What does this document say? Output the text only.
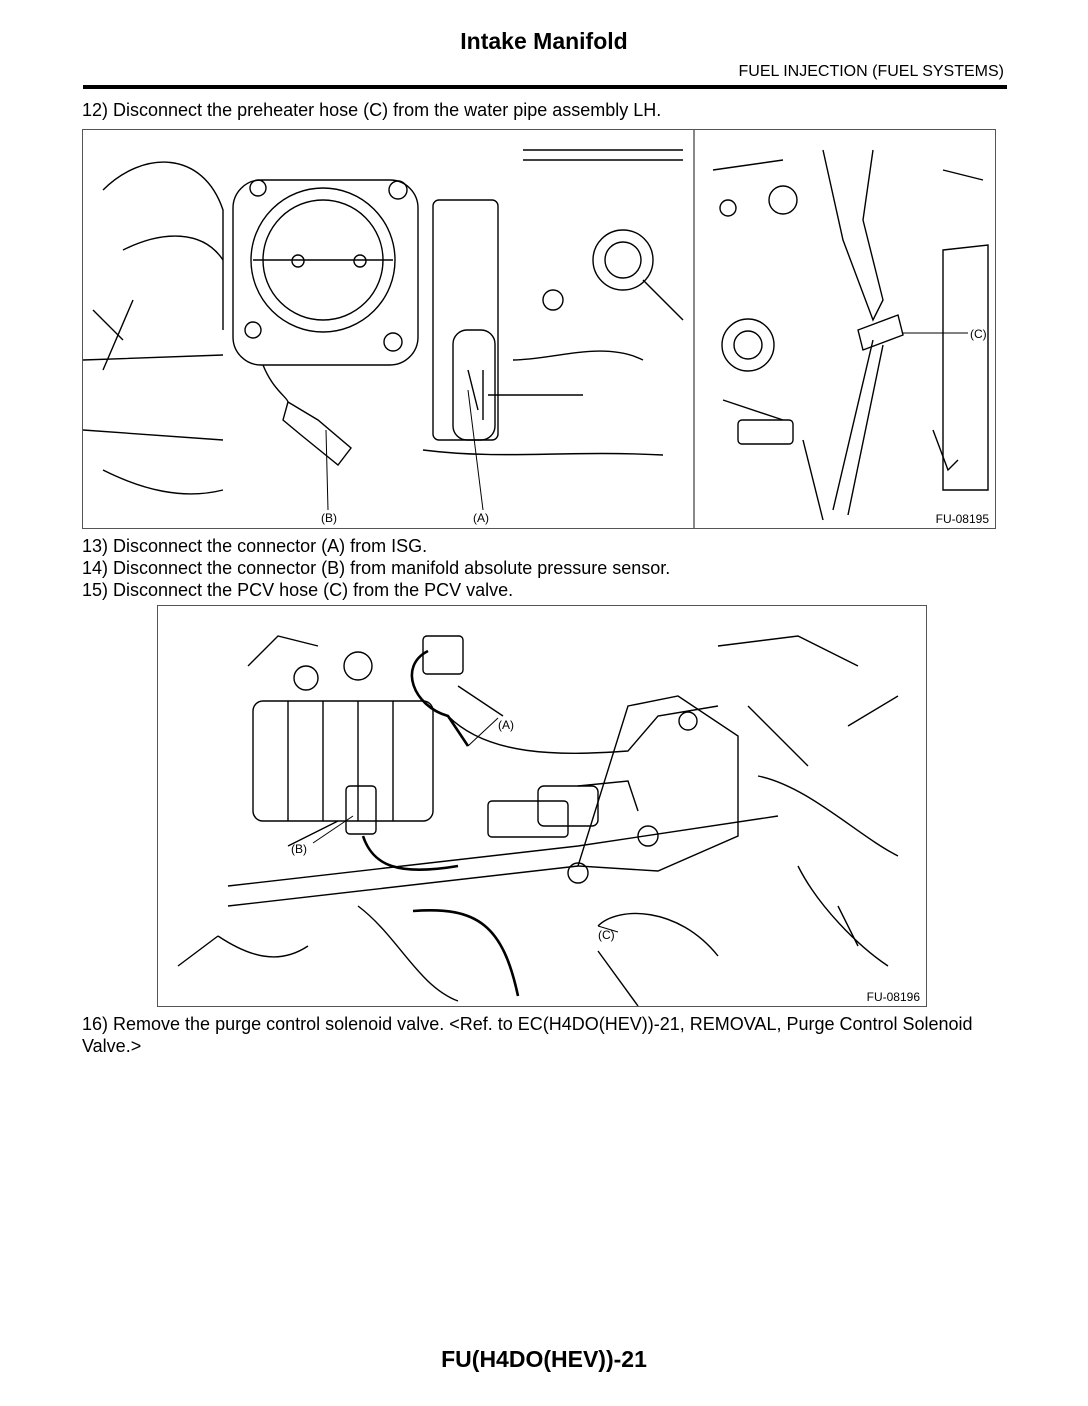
Intake Manifold
FUEL INJECTION (FUEL SYSTEMS)

12) Disconnect the preheater hose (C) from the water pipe assembly LH.

(B)	(A)
(C)
FU-08195

13) Disconnect the connector (A) from ISG.

14) Disconnect the connector (B) from manifold absolute pressure sensor.

15) Disconnect the PCV hose (C) from the PCV valve.

(A)
(B)
(C)
FU-08196

16) Remove the purge control solenoid valve. <Ref. to EC(H4DO(HEV))-21, REMOVAL, Purge Control Solenoid Valve.>

FU(H4DO(HEV))-21
